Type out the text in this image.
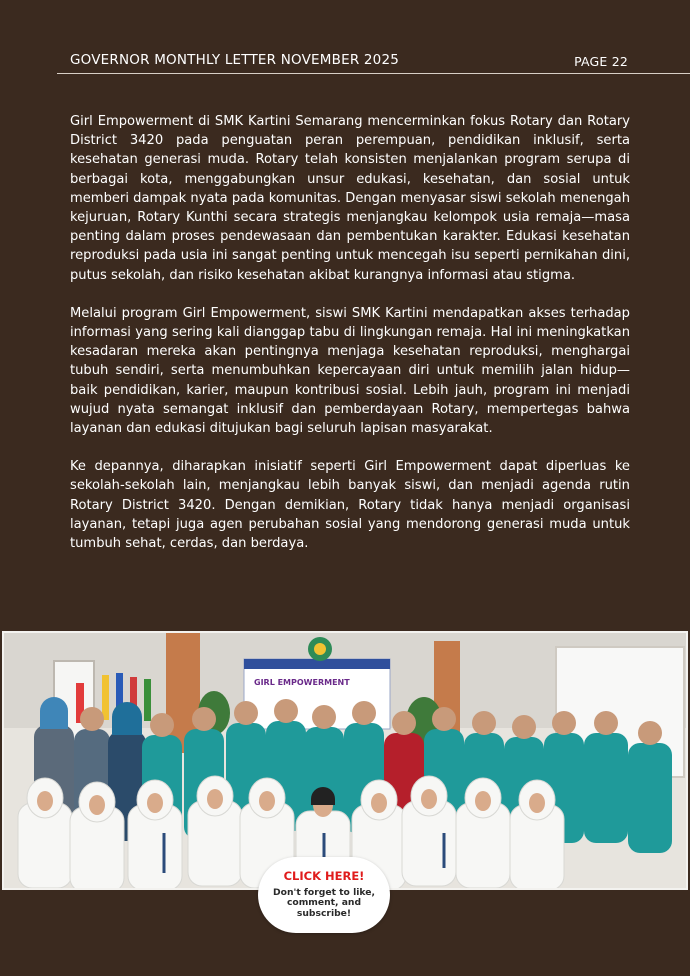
GOVERNOR MONTHLY LETTER NOVEMBER 2025	PAGE 22

Girl Empowerment di SMK Kartini Semarang mencerminkan fokus Rotary dan Rotary District 3420 pada penguatan peran perempuan, pendidikan inklusif, serta kesehatan generasi muda. Rotary telah konsisten menjalankan program serupa di berbagai kota, menggabungkan unsur edukasi, kesehatan, dan sosial untuk memberi dampak nyata pada komunitas. Dengan menyasar siswi sekolah menengah kejuruan, Rotary Kunthi secara strategis menjangkau kelompok usia remaja—masa penting dalam proses pendewasaan dan pembentukan karakter. Edukasi kesehatan reproduksi pada usia ini sangat penting untuk mencegah isu seperti pernikahan dini, putus sekolah, dan risiko kesehatan akibat kurangnya informasi atau stigma.

Melalui program Girl Empowerment, siswi SMK Kartini mendapatkan akses terhadap informasi yang sering kali dianggap tabu di lingkungan remaja. Hal ini meningkatkan kesadaran mereka akan pentingnya menjaga kesehatan reproduksi, menghargai tubuh sendiri, serta menumbuhkan kepercayaan diri untuk memilih jalan hidup—baik pendidikan, karier, maupun kontribusi sosial. Lebih jauh, program ini menjadi wujud nyata semangat inklusif dan pemberdayaan Rotary, mempertegas bahwa layanan dan edukasi ditujukan bagi seluruh lapisan masyarakat.

Ke depannya, diharapkan inisiatif seperti Girl Empowerment dapat diperluas ke sekolah-sekolah lain, menjangkau lebih banyak siswi, dan menjadi agenda rutin Rotary District 3420. Dengan demikian, Rotary tidak hanya menjadi organisasi layanan, tetapi juga agen perubahan sosial yang mendorong generasi muda untuk tumbuh sehat, cerdas, dan berdaya.

GIRL EMPOWERMENT
CLICK HERE!
Don't forget to like, comment, and subscribe!
